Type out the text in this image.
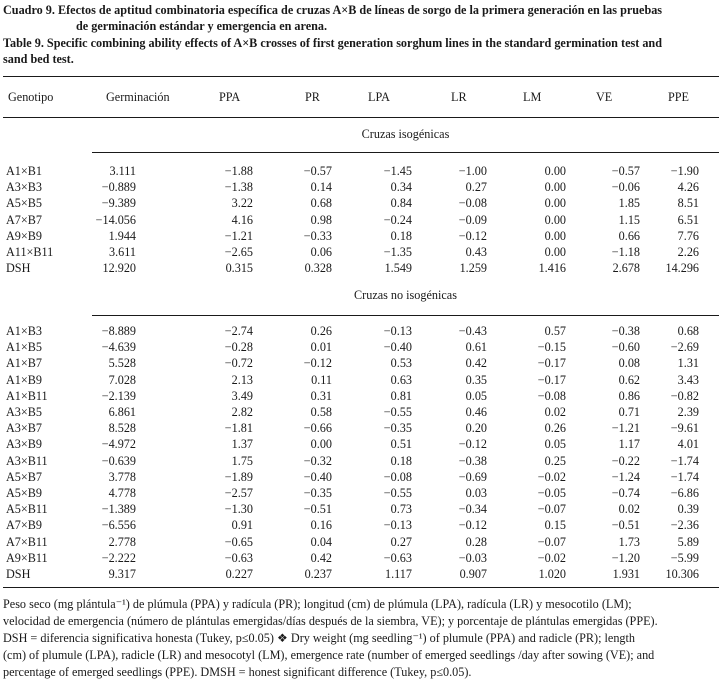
Cuadro 9. Efectos de aptitud combinatoria específica de cruzas A×B de líneas de sorgo de la primera generación en las pruebas
de germinación estándar y emergencia en arena.
Table 9. Specific combining ability effects of A×B crosses of first generation sorghum lines in the standard germination test and
sand bed test.
Genotipo	Germinación	PPA	PR	LPA	LR	LM	VE	PPE
Cruzas isogénicas
A1×B1	3.111	−1.88	−0.57	−1.45	−1.00	0.00	−0.57	−1.90
A3×B3	−0.889	−1.38	0.14	0.34	0.27	0.00	−0.06	4.26
A5×B5	−9.389	3.22	0.68	0.84	−0.08	0.00	1.85	8.51
A7×B7	−14.056	4.16	0.98	−0.24	−0.09	0.00	1.15	6.51
A9×B9	1.944	−1.21	−0.33	0.18	−0.12	0.00	0.66	7.76
A11×B11	3.611	−2.65	0.06	−1.35	0.43	0.00	−1.18	2.26
DSH	12.920	0.315	0.328	1.549	1.259	1.416	2.678 14.296
Cruzas no isogénicas
A1×B3	−8.889	−2.74	0.26	−0.13	−0.43	0.57	−0.38	0.68
A1×B5	−4.639	−0.28	0.01	−0.40	0.61	−0.15	−0.60	−2.69
A1×B7	5.528	−0.72	−0.12	0.53	0.42	−0.17	0.08	1.31
A1×B9	7.028	2.13	0.11	0.63	0.35	−0.17	0.62	3.43
A1×B11	−2.139	3.49	0.31	0.81	0.05	−0.08	0.86	−0.82
A3×B5	6.861	2.82	0.58	−0.55	0.46	0.02	0.71	2.39
A3×B7	8.528	−1.81	−0.66	−0.35	0.20	0.26	−1.21	−9.61
A3×B9	−4.972	1.37	0.00	0.51	−0.12	0.05	1.17	4.01
A3×B11	−0.639	1.75	−0.32	0.18	−0.38	0.25	−0.22	−1.74
A5×B7	3.778	−1.89	−0.40	−0.08	−0.69	−0.02	−1.24	−1.74
A5×B9	4.778	−2.57	−0.35	−0.55	0.03	−0.05	−0.74	−6.86
A5×B11	−1.389	−1.30	−0.51	0.73	−0.34	−0.07	0.02	0.39
A7×B9	−6.556	0.91	0.16	−0.13	−0.12	0.15	−0.51	−2.36
A7×B11	2.778	−0.65	0.04	0.27	0.28	−0.07	1.73	5.89
A9×B11	−2.222	−0.63	0.42	−0.63	−0.03	−0.02	−1.20	−5.99
DSH	9.317	0.227	0.237	1.117	0.907	1.020	1.931 10.306
Peso seco (mg plántula⁻¹) de plúmula (PPA) y radícula (PR); longitud (cm) de plúmula (LPA), radícula (LR) y mesocotilo (LM);
velocidad de emergencia (número de plántulas emergidas/días después de la siembra, VE); y porcentaje de plántulas emergidas (PPE).
DSH = diferencia significativa honesta (Tukey, p≤0.05) ❖ Dry weight (mg seedling⁻¹) of plumule (PPA) and radicle (PR); length
(cm) of plumule (LPA), radicle (LR) and mesocotyl (LM), emergence rate (number of emerged seedlings /day after sowing (VE); and
percentage of emerged seedlings (PPE). DMSH = honest significant difference (Tukey, p≤0.05).
